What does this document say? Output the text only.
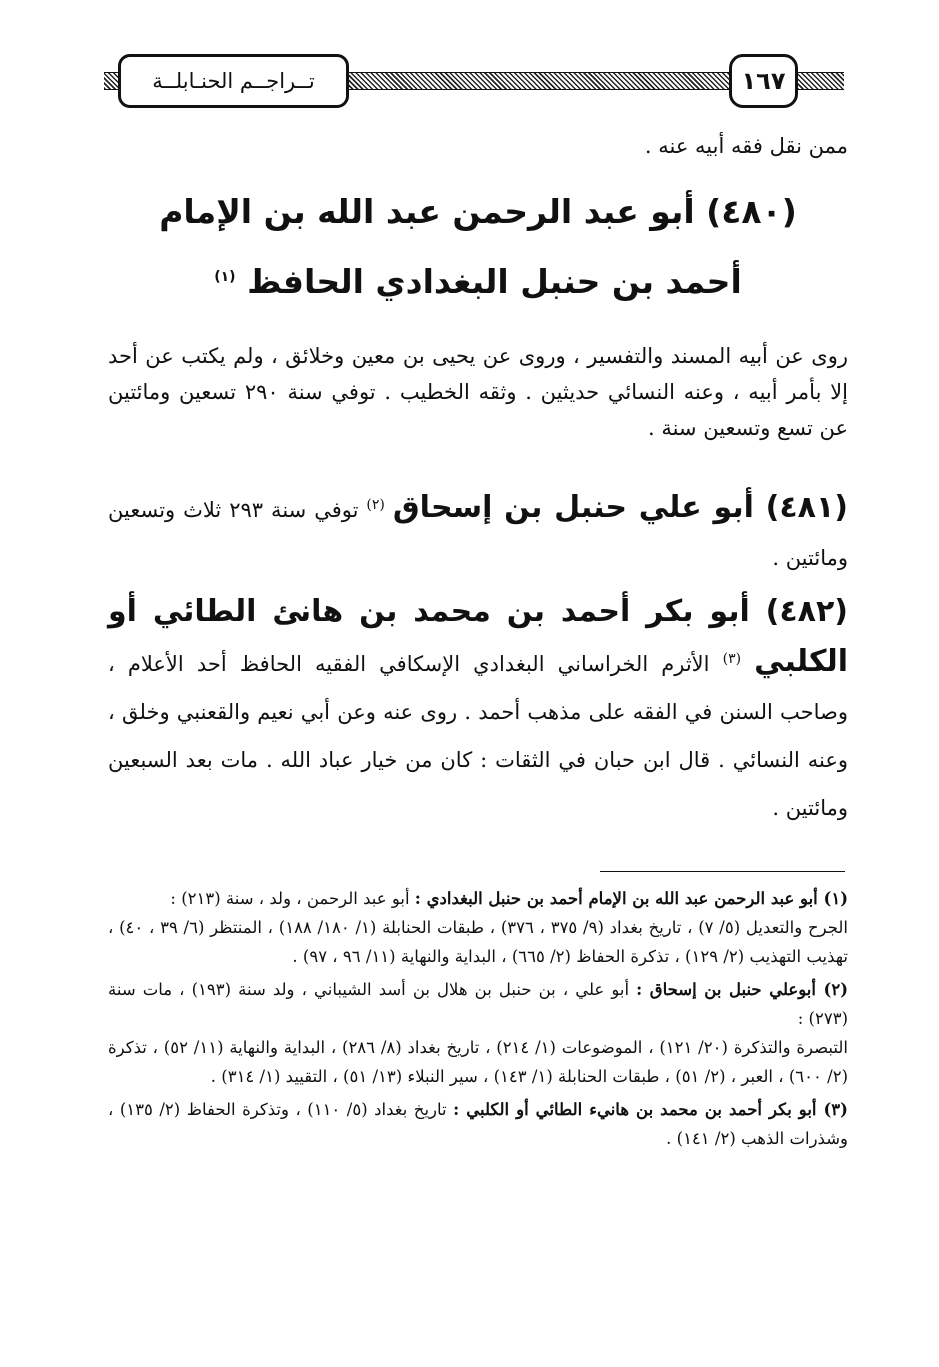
تــراجــم الحنـابلــة	١٦٧
ممن نقل فقه أبيه عنه .
(٤٨٠) أبو عبد الرحمن عبد الله بن الإمام
أحمد بن حنبل البغدادي الحافظ $^{(١)}$
روى عن أبيه المسند والتفسير ، وروى عن يحيى بن معين وخلائق ، ولم يكتب عن أحد إلا بأمر أبيه ، وعنه النسائي حديثين . وثقه الخطيب . توفي سنة ٢٩٠ تسعين ومائتين عن تسع وتسعين سنة .
(٤٨١) أبو علي حنبل بن إسحاق $^{(٢)}$ توفي سنة ٢٩٣ ثلاث وتسعين ومائتين .
(٤٨٢) أبو بكر أحمد بن محمد بن هانئ الطائي أو الكلبي $^{(٣)}$ الأثرم الخراساني البغدادي الإسكافي الفقيه الحافظ أحد الأعلام ، وصاحب السنن في الفقه على مذهب أحمد . روى عنه وعن أبي نعيم والقعنبي وخلق ، وعنه النسائي . قال ابن حبان في الثقات : كان من خيار عباد الله . مات بعد السبعين ومائتين .

(١) أبو عبد الرحمن عبد الله بن الإمام أحمد بن حنبل البغدادي : أبو عبد الرحمن ، ولد ، سنة (٢١٣) :
الجرح والتعديل (٥/ ٧) ، تاريخ بغداد (٩/ ٣٧٥ ، ٣٧٦) ، طبقات الحنابلة (١/ ١٨٠/ ١٨٨) ، المنتظر (٦/ ٣٩ ، ٤٠) ، تهذيب التهذيب (٢/ ١٢٩) ، تذكرة الحفاظ (٢/ ٦٦٥) ، البداية والنهاية (١١/ ٩٦ ، ٩٧) .

(٢) أبوعلي حنبل بن إسحاق : أبو علي ، بن حنبل بن هلال بن أسد الشيباني ، ولد سنة (١٩٣) ، مات سنة (٢٧٣) :
التبصرة والتذكرة (٢٠/ ١٢١) ، الموضوعات (١/ ٢١٤) ، تاريخ بغداد (٨/ ٢٨٦) ، البداية والنهاية (١١/ ٥٢) ، تذكرة (٢/ ٦٠٠) ، العبر ، (٢/ ٥١) ، طبقات الحنابلة (١/ ١٤٣) ، سير النبلاء (١٣/ ٥١) ، التقييد (١/ ٣١٤) .

(٣) أبو بكر أحمد بن محمد بن هانيء الطائي أو الكلبي : تاريخ بغداد (٥/ ١١٠) ، وتذكرة الحفاظ (٢/ ١٣٥) ، وشذرات الذهب (٢/ ١٤١) .
